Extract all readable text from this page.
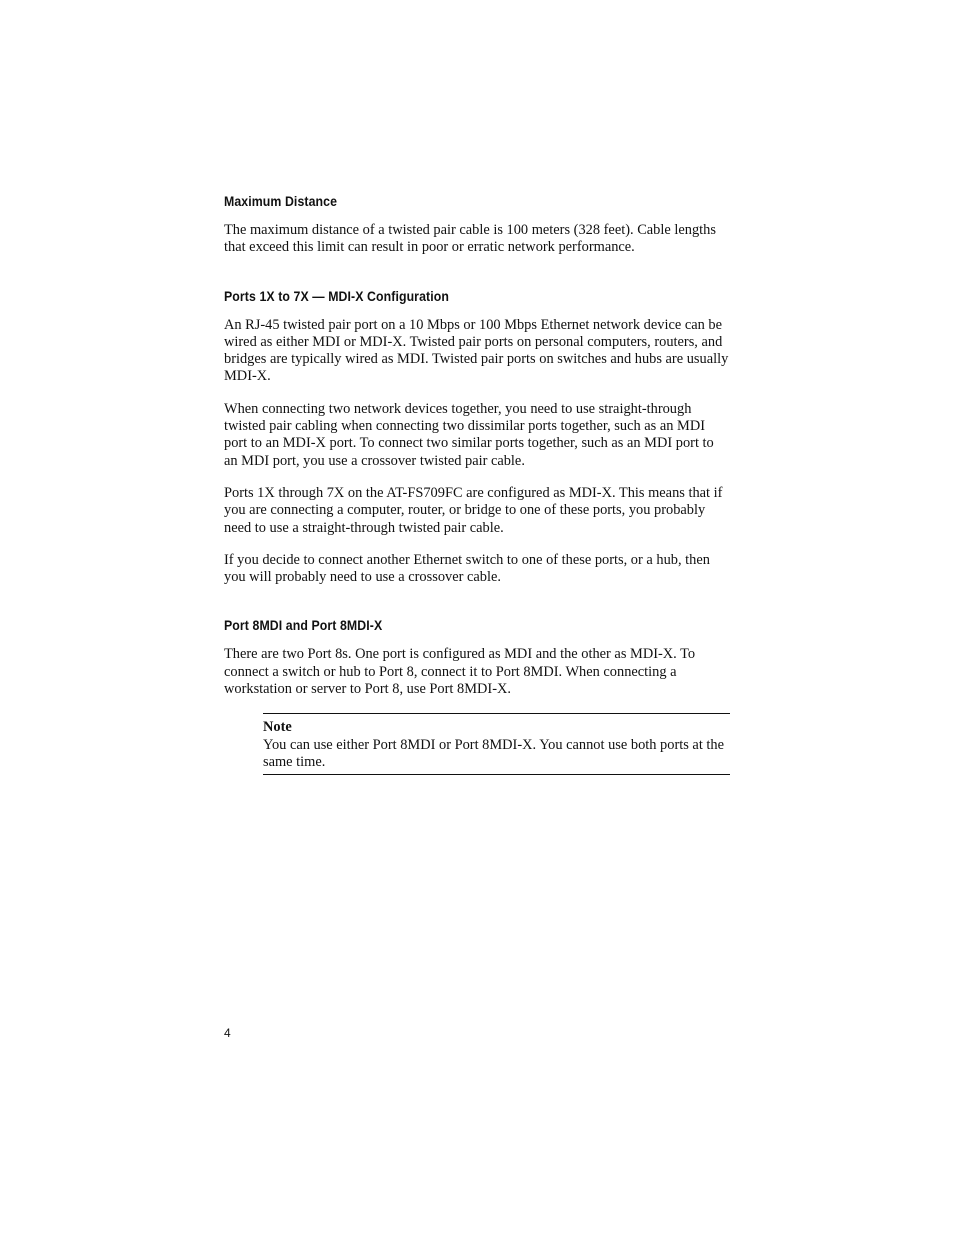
Maximum Distance

The maximum distance of a twisted pair cable is 100 meters (328 feet). Cable lengths that exceed this limit can result in poor or erratic network performance.

Ports 1X to 7X — MDI-X Configuration

An RJ-45 twisted pair port on a 10 Mbps or 100 Mbps Ethernet network device can be wired as either MDI or MDI-X. Twisted pair ports on personal computers, routers, and bridges are typically wired as MDI. Twisted pair ports on switches and hubs are usually MDI-X.

When connecting two network devices together, you need to use straight-through twisted pair cabling when connecting two dissimilar ports together, such as an MDI port to an MDI-X port. To connect two similar ports together, such as an MDI port to an MDI port, you use a crossover twisted pair cable.

Ports 1X through 7X on the AT-FS709FC are configured as MDI-X. This means that if you are connecting a computer, router, or bridge to one of these ports, you probably need to use a straight-through twisted pair cable.

If you decide to connect another Ethernet switch to one of these ports, or a hub, then you will probably need to use a crossover cable.

Port 8MDI and Port 8MDI-X

There are two Port 8s. One port is configured as MDI and the other as MDI-X. To connect a switch or hub to Port 8, connect it to Port 8MDI. When connecting a workstation or server to Port 8, use Port 8MDI-X.

Note

You can use either Port 8MDI or Port 8MDI-X. You cannot use both ports at the same time.

4
